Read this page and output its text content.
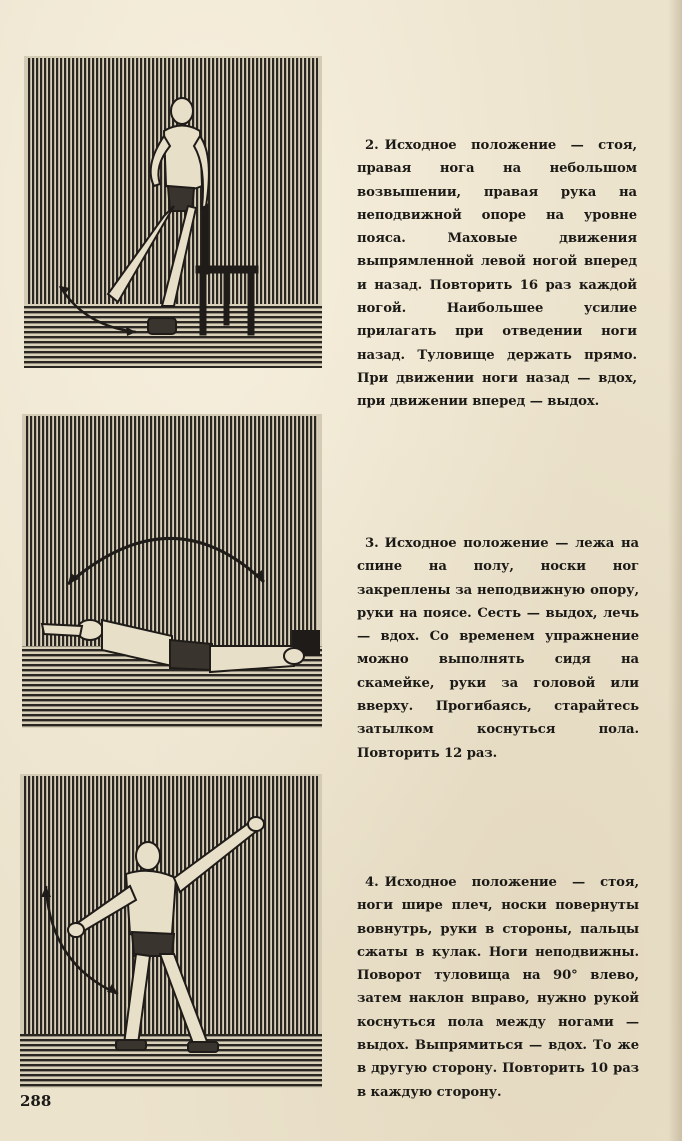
2. Исходное положение — стоя, правая нога на небольшом возвышении, правая рука на неподвижной опоре на уровне пояса. Маховые движения выпрямленной левой ногой вперед и назад. Повторить 16 раз каждой ногой. Наибольшее усилие прилагать при отведении ноги назад. Туловище держать прямо. При движении ноги назад — вдох, при движении вперед — выдох.
3. Исходное положение — лежа на спине на полу, носки ног закреплены за неподвижную опору, руки на поясе. Сесть — выдох, лечь — вдох. Со временем упражнение можно выполнять сидя на скамейке, руки за головой или вверху. Прогибаясь, старайтесь затылком коснуться пола. Повторить 12 раз.
4. Исходное положение — стоя, ноги шире плеч, носки повернуты вовнутрь, руки в стороны, пальцы сжаты в кулак. Ноги неподвижны. Поворот туловища на 90° влево, затем наклон вправо, нужно рукой коснуться пола между ногами — выдох. Выпрямиться — вдох. То же в другую сторону. Повторить 10 раз в каждую сторону.
288
